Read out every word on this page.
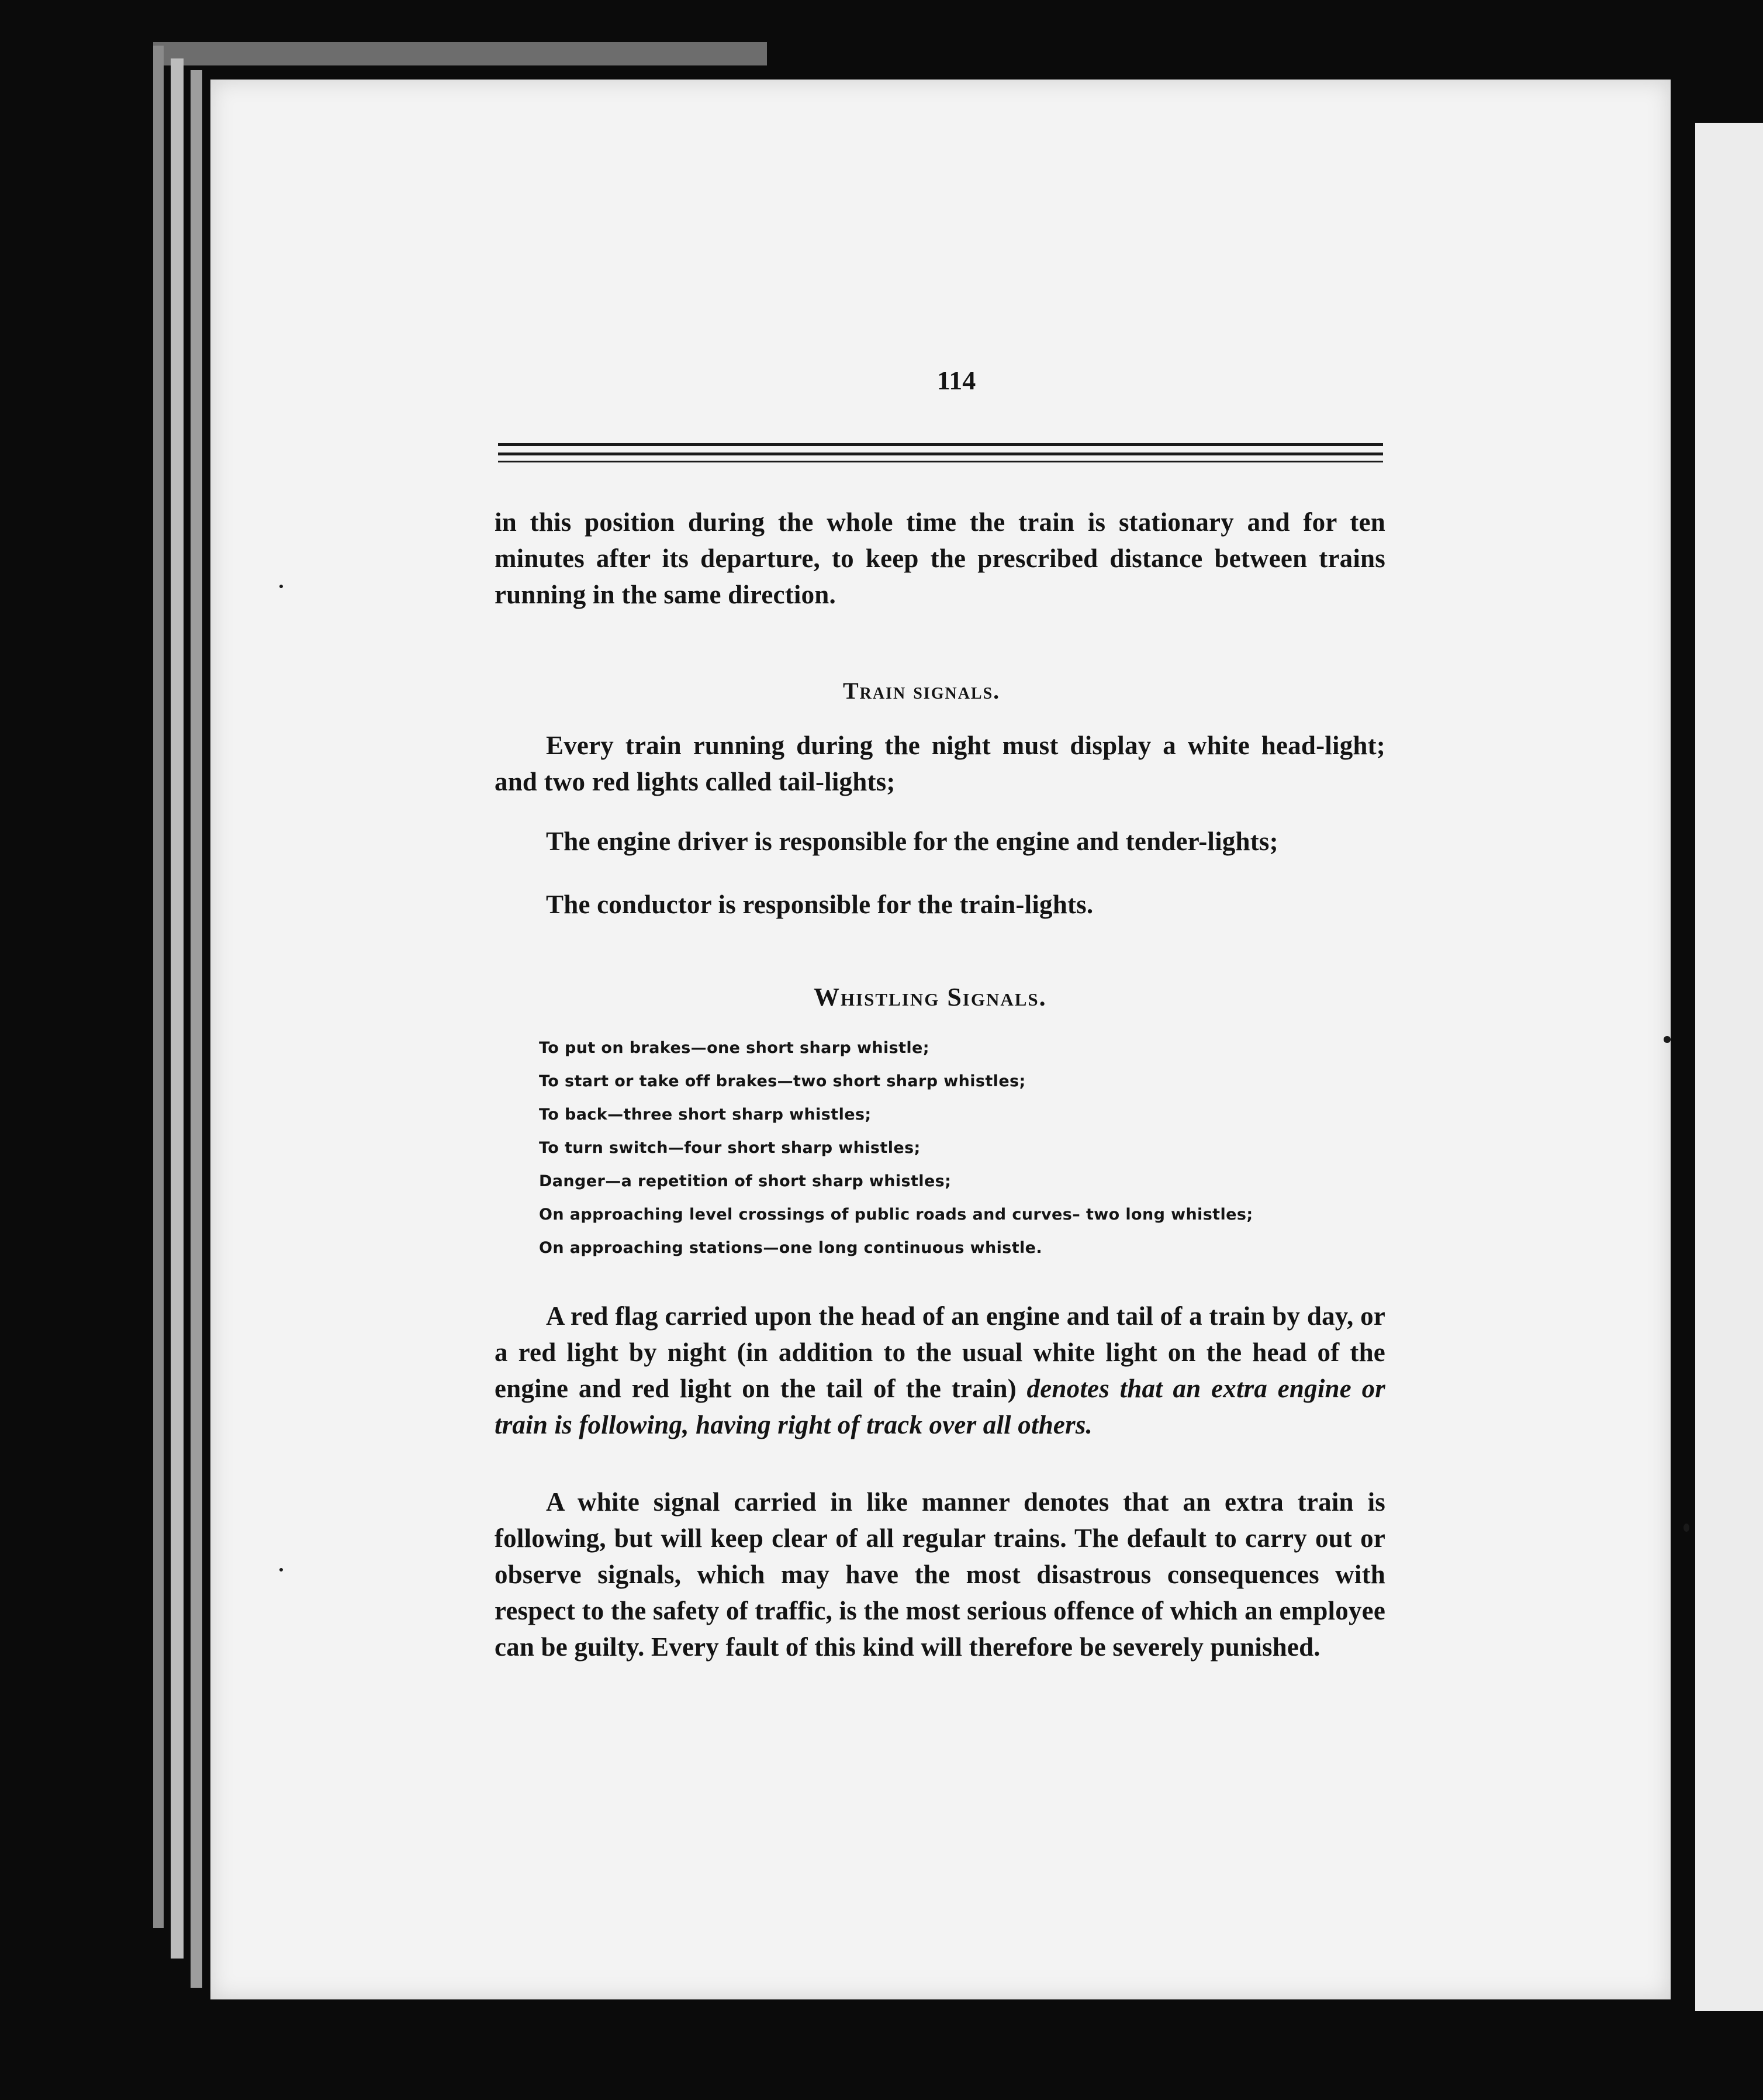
114

in this position during the whole time the train is stationary and for ten minutes after its departure, to keep the prescribed distance between trains running in the same direction.

Train signals.

Every train running during the night must display a white head-light; and two red lights called tail-lights;

The engine driver is responsible for the engine and tender-lights;

The conductor is responsible for the train-lights.

Whistling Signals.
To put on brakes—one short sharp whistle;
To start or take off brakes—two short sharp whistles;
To back—three short sharp whistles;
To turn switch—four short sharp whistles;
Danger—a repetition of short sharp whistles;
On approaching level crossings of public roads and curves– two long whistles;
On approaching stations—one long continuous whistle.

A red flag carried upon the head of an engine and tail of a train by day, or a red light by night (in addition to the usual white light on the head of the engine and red light on the tail of the train) denotes that an extra engine or train is following, having right of track over all others.

A white signal carried in like manner denotes that an extra train is following, but will keep clear of all regular trains. The default to carry out or observe signals, which may have the most disastrous consequences with respect to the safety of traffic, is the most serious offence of which an employee can be guilty. Every fault of this kind will therefore be severely punished.
